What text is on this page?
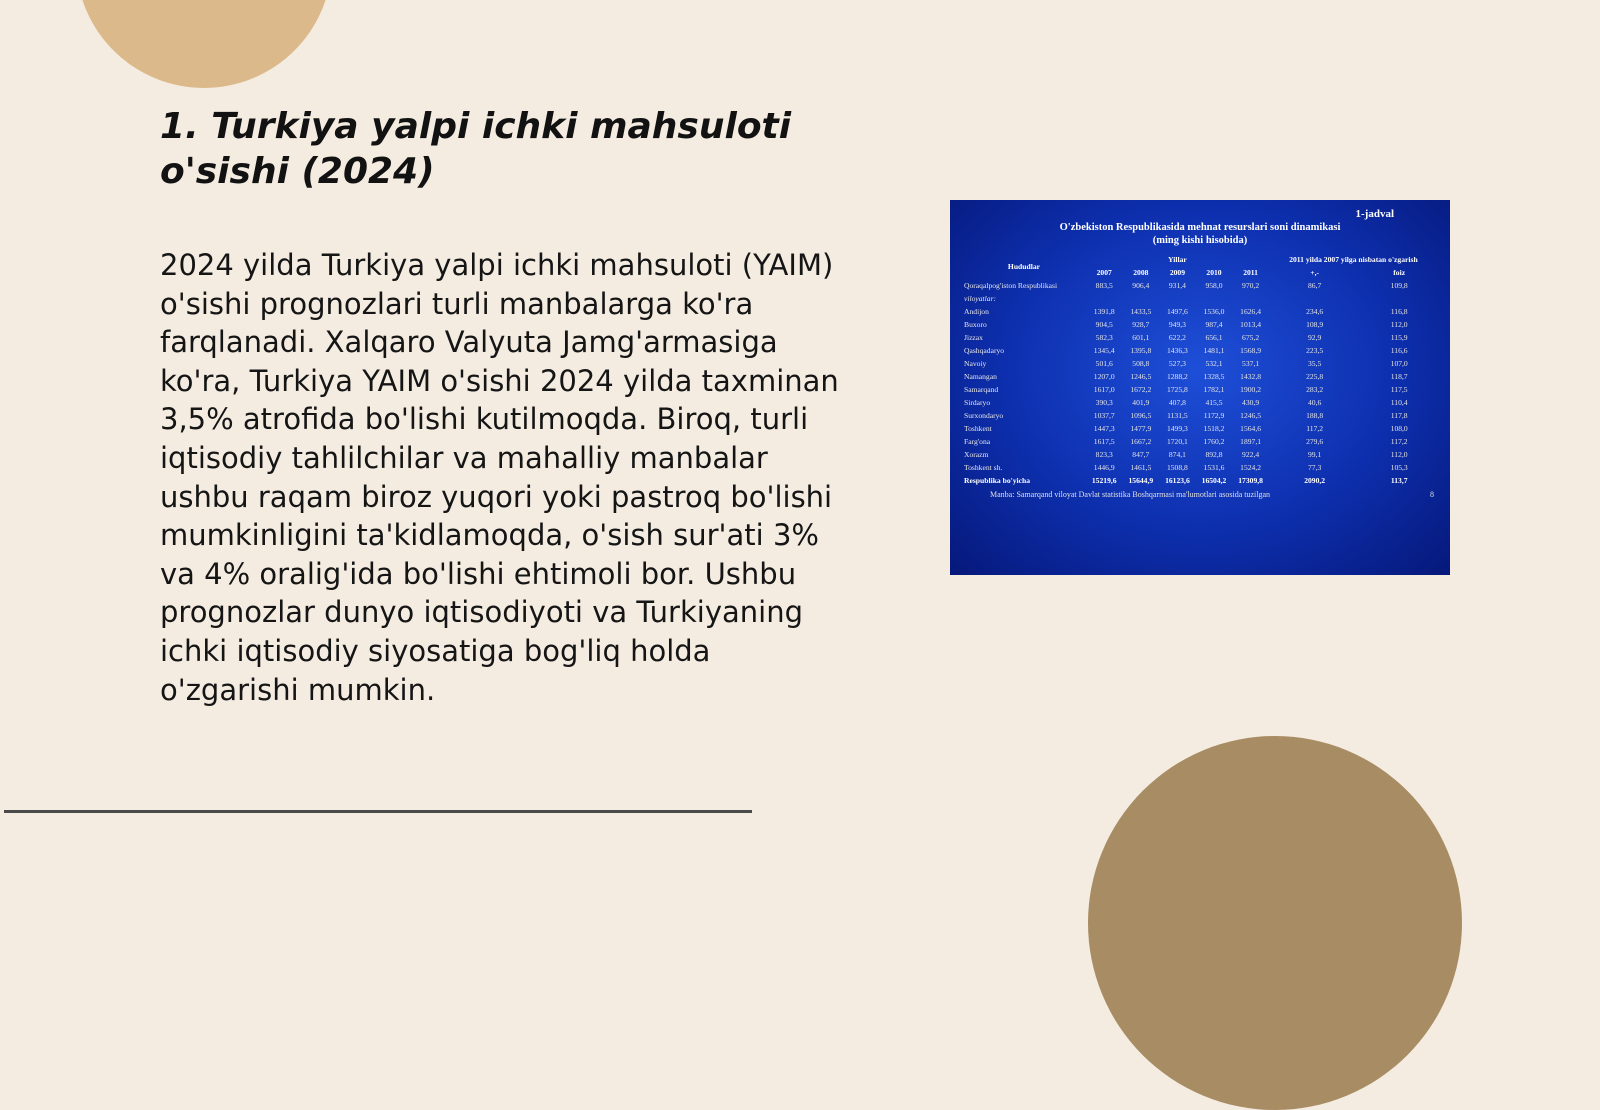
1. Turkiya yalpi ichki mahsuloti o'sishi (2024)

2024 yilda Turkiya yalpi ichki mahsuloti (YAIM) o'sishi prognozlari turli manbalarga ko'ra farqlanadi. Xalqaro Valyuta Jamg'armasiga ko'ra, Turkiya YAIM o'sishi 2024 yilda taxminan 3,5% atrofida bo'lishi kutilmoqda. Biroq, turli iqtisodiy tahlilchilar va mahalliy manbalar ushbu raqam biroz yuqori yoki pastroq bo'lishi mumkinligini ta'kidlamoqda, o'sish sur'ati 3% va 4% oralig'ida bo'lishi ehtimoli bor. Ushbu prognozlar dunyo iqtisodiyoti va Turkiyaning ichki iqtisodiy siyosatiga bog'liq holda o'zgarishi mumkin.

1-jadval
O'zbekiston Respublikasida mehnat resurslari soni dinamikasi
(ming kishi hisobida)
Hududlar	Yillar					2011 yilda 2007 yilga nisbatan o'zgarish	
	2007	2008	2009	2010	2011	+,-	foiz
Qoraqalpog'iston Respublikasi	883,5	906,4	931,4	958,0	970,2	86,7	109,8
viloyatlar:							
Andijon	1391,8	1433,5	1497,6	1536,0	1626,4	234,6	116,8
Buxoro	904,5	928,7	949,3	987,4	1013,4	108,9	112,0
Jizzax	582,3	601,1	622,2	656,1	675,2	92,9	115,9
Qashqadaryo	1345,4	1395,8	1436,3	1481,1	1568,9	223,5	116,6
Navoiy	501,6	508,8	527,3	532,1	537,1	35,5	107,0
Namangan	1207,0	1246,5	1288,2	1328,5	1432,8	225,8	118,7
Samarqand	1617,0	1672,2	1725,8	1782,1	1900,2	283,2	117,5
Sirdaryo	390,3	401,9	407,8	415,5	430,9	40,6	110,4
Surxondaryo	1037,7	1096,5	1131,5	1172,9	1246,5	188,8	117,8
Toshkent	1447,3	1477,9	1499,3	1518,2	1564,6	117,2	108,0
Farg'ona	1617,5	1667,2	1720,1	1760,2	1897,1	279,6	117,2
Xorazm	823,3	847,7	874,1	892,8	922,4	99,1	112,0
Toshkent sh.	1446,9	1461,5	1508,8	1531,6	1524,2	77,3	105,3
Respublika bo'yicha	15219,6	15644,9	16123,6	16504,2	17309,8	2090,2	113,7
Manba: Samarqand viloyat Davlat statistika Boshqarmasi ma'lumotlari asosida tuzilgan	8
